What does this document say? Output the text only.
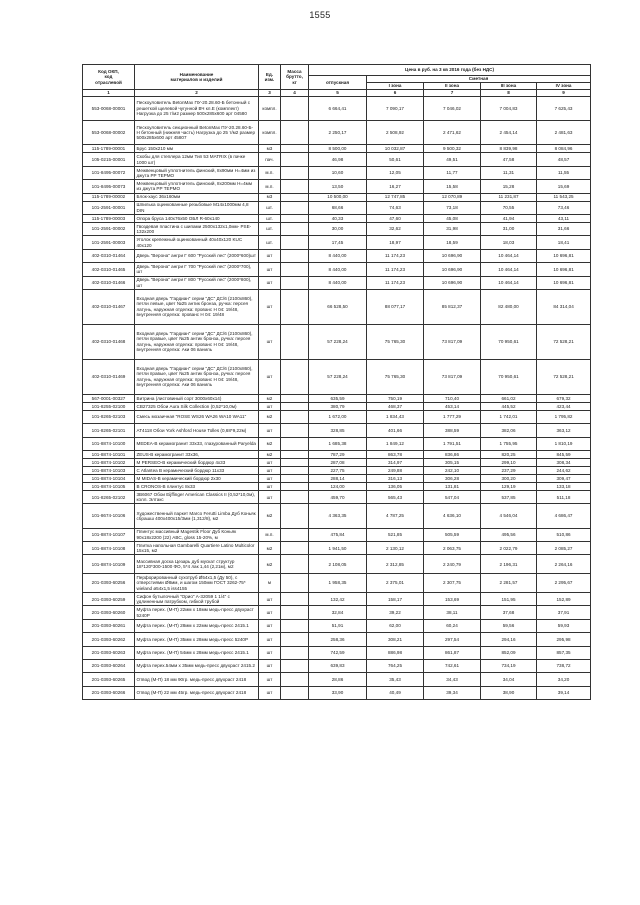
1555
Код ОКП,
код
отраслевой	Наименование
материалов и изделий	Ед.
изм.	Масса
брутто,
кг	Цена в руб. на 3 кв 2016 года (без НДС)				
				отпускная	Сметная			
					I зона	II зона	III зона	IV зона
1	2	3	4	5	6	7	8	9
553-0068-00001	Пескоуловитель BetonMax ПУ-20.28.60-Б бетонный с решеткой щелевой чугунной ВЧ кл.Е (комплект) Нагрузка до 25 т/м2 размер 500х285х600 арт 04580	компл.		6 664,41	7 090,17	7 046,02	7 004,83	7 625,43
553-0068-00002	Пескоуловитель секционный BetonMax ПУ-20.28.60-Б-Н бетонный (нижняя часть) Нагрузка до 25 т/м2 размер 500х285х600 арт 45807	компл.		2 250,17	2 508,92	2 471,62	2 454,14	2 481,63
115-1789-00001	Брус 150х210 мм	м3		8 500,00	10 032,87	9 500,32	8 839,98	8 084,96
105-0215-00001	Скобы для степлера 12мм Тип 53 MATRIX (в пачке 1000 шт)	пач.		46,98	50,61	49,51	47,58	48,57
101-8495-00072	Межвенцовый уплотнитель финский, 8х90мм Н=4мм из джута PP ТЕРМО	м.п.		10,60	12,05	11,77	11,31	11,55
101-8495-00073	Межвенцовый уплотнитель финский, 8х200мм Н=4мм из джута PP ТЕРМО	м.п.		13,50	16,27	15,58	15,28	15,69
115-1789-00002	Блок-хаус 36х160мм	м3		10 500,00	12 747,85	12 070,89	11 231,87	11 543,25
101-2591-00001	Шпилька оцинкованные резьбовые М14х1000мм 4,8 DIN	шт.		68,66	74,63	73,18	70,55	73,46
115-1789-00003	Опора бруса 140х76х50 ОБЛ R-60х140	шт.		40,33	47,60	45,08	41,94	43,11
101-2591-00002	Гвоздевая пластина с шипами 2500х132х1,0мм- PSE-132х200	шт.		30,00	32,62	31,98	31,00	31,66
101-2591-00003	Уголок крепежный оцинкованный 40х40х120 KUC 40х120	шт.		17,45	18,97	18,59	18,03	18,41
402-0310-01464	Дверь "Верона" ангри Г 600 "Русский лес" (2000*600)шт	шт		8 440,00	11 174,23	10 696,90	10 464,14	10 696,81
402-0310-01465	Дверь "Верона" ангри Г 700 "Русский лес" (2000*700), шт	шт		8 440,00	11 174,23	10 696,90	10 464,14	10 696,81
402-0310-01466	Дверь "Верона" ангри Г 800 "Русский лес" (2000*800), шт	шт		8 440,00	11 174,23	10 696,90	10 464,14	10 696,81
402-0310-01467	Входная дверь "Гардиан" серии "ДС" ДС/6 (2100х860), петли левые, цвет №25 антик бронза, ручка: персея латунь, наружная отделка: прованс Н 04: 19/48, внутренняя отделка: прованс Н 04: 19/48	шт		66 528,50	88 077,17	85 812,37	82 480,00	84 314,04
402-0310-01468	Входная дверь "Гардиан" серии "ДС" ДС/6 (2100х860), петли правые, цвет №25 антик бронза, ручка: персея латунь, наружная отделка: прованс Н 04: 19/48, внутренняя отделка: Аки 06 ваниль	шт		57 228,24	75 765,30	73 817,09	70 950,61	72 528,21
402-0310-01469	Входная дверь "Гардиан" серии "ДС" ДС/6 (2100х860), петли правые, цвет №25 антик бронза, ручка: персея латунь, наружная отделка: прованс Н 04: 19/48, внутренняя отделка: Аки 06 ваниль	шт		57 228,24	75 765,30	73 817,09	70 950,61	72 528,21
567-0001-00327	Витрина (листовиный сорт 3000х60х14)	м2		635,59	750,19	710,40	661,02	679,32
101-8255-02100	CB27325 Обои Aura Silk Collection (0,52*10,0м)	шт		380,79	468,37	453,14	445,52	423,44
101-8265-02103	Смесь мозаичная "ROSE WS26 WA26 WA10 WA11"	м2		1 672,00	1 834,43	1 777,29	1 742,01	1 795,82
101-8265-02101	AT4118 Обои York Ashford House Tolles (0,68*9,22м)	шт		328,85	401,66	388,59	382,06	363,12
101-8874-10100	MEDEA-B керамогранит 33х33, глазурованный Paryelda	м2		1 685,38	1 849,12	1 791,51	1 755,95	1 810,19
101-8874-10101	ZEUS-B керамогранит 33х36,	м2		787,29	863,78	836,86	820,25	845,59
101-8874-10102	M PERSEO-B керамический бордюр 4х33	шт		287,08	314,97	305,15	299,10	308,34
101-8874-10103	C Atlantea B керамический бордюр 11х33	шт		227,75	249,88	242,10	237,29	244,62
101-8874-10104	M MIDAS-B керамический бордюр 2х30	шт		288,14	316,13	306,28	300,20	309,47
101-8874-10105	B CRONOS-B плинтус 8х33	шт		124,00	136,05	131,81	129,19	133,18
101-8265-02102	3B6067 Обои Eijffinger American Classics II (0,52*10,0м), колл. Элтакс	шт		459,70	565,43	547,04	537,85	511,18
101-8674-10106	Художественный паркет Marco Ferutti Limba Дуб Коньяк сбрашш 400х400х15/3мм (1,312/8), м2	м2		4 363,35	4 787,25	4 636,10	4 546,04	4 686,47
101-8874-10107	Плинтус массивный Magestik Floor Дуб Коньяк 90х18х2200 (22) ABC, gloss 15-20%, м	м.п.		475,84	521,85	505,59	495,56	510,86
101-8874-10108	Плитка напольная Gambarelli Quartiere Latino Multicolor 15х15, м2	м2		1 941,50	2 130,12	2 063,75	2 022,79	2 085,27
101-8874-10109	Массивная доска Цезарь дуб мускат структур 18*120*300-1500 ФО, 5*4 лак 1,44 (2,21м), м2	м2		2 108,05	2 312,85	2 240,79	2 196,31	2 264,16
201-0393-60256	Перфорированный сухотруб Ø54х1,5 (Ду 50), с отверстиями Ø8мм, и шагом 150мм ГОСТ 3262-75* wieland ø54х1,5 iss4155	м		1 958,35	2 375,01	2 307,75	2 281,57	2 295,67
201-0393-60259	Сифон бутылочный "Орио" А-32059 1 1/4" с удлиненным патрубком, гибкой трубой	шт		132,42	158,17	153,69	151,95	152,89
201-0393-60260	Муфта перех. (М-П) 22мм х 18мм медь-пресс двухраст 5240Р	шт		32,84	39,22	38,11	37,68	37,91
201-0393-60261	Муфта перех. (М-П) 28мм х 22мм медь-пресс 2415.1	шт		51,91	62,00	60,24	59,56	59,93
201-0393-60262	Муфта перех. (М-П) 35мм х 28мм медь-пресс 5240Р	шт		258,36	308,21	297,54	294,16	295,98
201-0393-60263	Муфта перех. (М-П) 54мм х 28мм медь-пресс 2415.1	шт		742,59	886,98	861,87	852,09	857,35
201-0393-60264	Муфта перех.54мм х 35мм медь-пресс двухраст 2415.2	шт		639,83	764,25	742,61	734,19	738,72
201-0393-60265	Отвод (М-П) 18 мм 90гр. медь-пресс двухраст 2418	шт		28,86	35,43	34,43	34,04	34,20
201-0393-60266	Отвод (М-П) 22 мм 45гр. медь-пресс двухраст 2418	шт		33,90	40,49	39,34	38,90	39,14
